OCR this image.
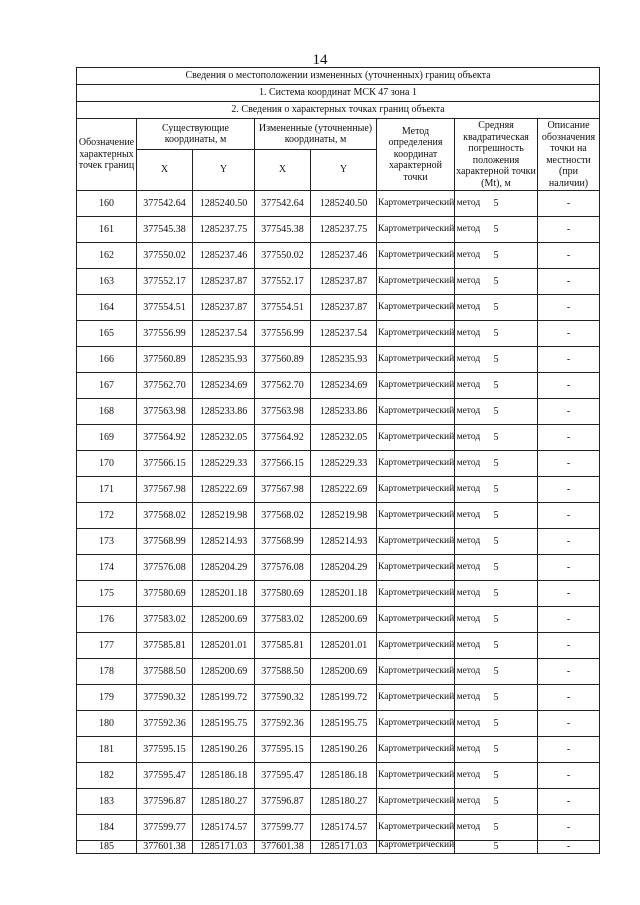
14
Сведения о местоположении измененных (уточненных) границ объекта							
1. Система координат МСК 47 зона 1							
2. Сведения о характерных точках границ объекта							
Обозначение характерных точек границ	Существующие координаты, м		Измененные (уточненные) координаты, м		Метод определения координат характерной точки	Средняя квадратическая погрешность положения характерной точки (Mt), м	Описание обозначения точки на местности (при наличии)
	X	Y	X	Y			
160	377542.64	1285240.50	377542.64	1285240.50	Картометрический метод	5	-
161	377545.38	1285237.75	377545.38	1285237.75	Картометрический метод	5	-
162	377550.02	1285237.46	377550.02	1285237.46	Картометрический метод	5	-
163	377552.17	1285237.87	377552.17	1285237.87	Картометрический метод	5	-
164	377554.51	1285237.87	377554.51	1285237.87	Картометрический метод	5	-
165	377556.99	1285237.54	377556.99	1285237.54	Картометрический метод	5	-
166	377560.89	1285235.93	377560.89	1285235.93	Картометрический метод	5	-
167	377562.70	1285234.69	377562.70	1285234.69	Картометрический метод	5	-
168	377563.98	1285233.86	377563.98	1285233.86	Картометрический метод	5	-
169	377564.92	1285232.05	377564.92	1285232.05	Картометрический метод	5	-
170	377566.15	1285229.33	377566.15	1285229.33	Картометрический метод	5	-
171	377567.98	1285222.69	377567.98	1285222.69	Картометрический метод	5	-
172	377568.02	1285219.98	377568.02	1285219.98	Картометрический метод	5	-
173	377568.99	1285214.93	377568.99	1285214.93	Картометрический метод	5	-
174	377576.08	1285204.29	377576.08	1285204.29	Картометрический метод	5	-
175	377580.69	1285201.18	377580.69	1285201.18	Картометрический метод	5	-
176	377583.02	1285200.69	377583.02	1285200.69	Картометрический метод	5	-
177	377585.81	1285201.01	377585.81	1285201.01	Картометрический метод	5	-
178	377588.50	1285200.69	377588.50	1285200.69	Картометрический метод	5	-
179	377590.32	1285199.72	377590.32	1285199.72	Картометрический метод	5	-
180	377592.36	1285195.75	377592.36	1285195.75	Картометрический метод	5	-
181	377595.15	1285190.26	377595.15	1285190.26	Картометрический метод	5	-
182	377595.47	1285186.18	377595.47	1285186.18	Картометрический метод	5	-
183	377596.87	1285180.27	377596.87	1285180.27	Картометрический метод	5	-
184	377599.77	1285174.57	377599.77	1285174.57	Картометрический метод	5	-
185	377601.38	1285171.03	377601.38	1285171.03	Картометрический	5	-
